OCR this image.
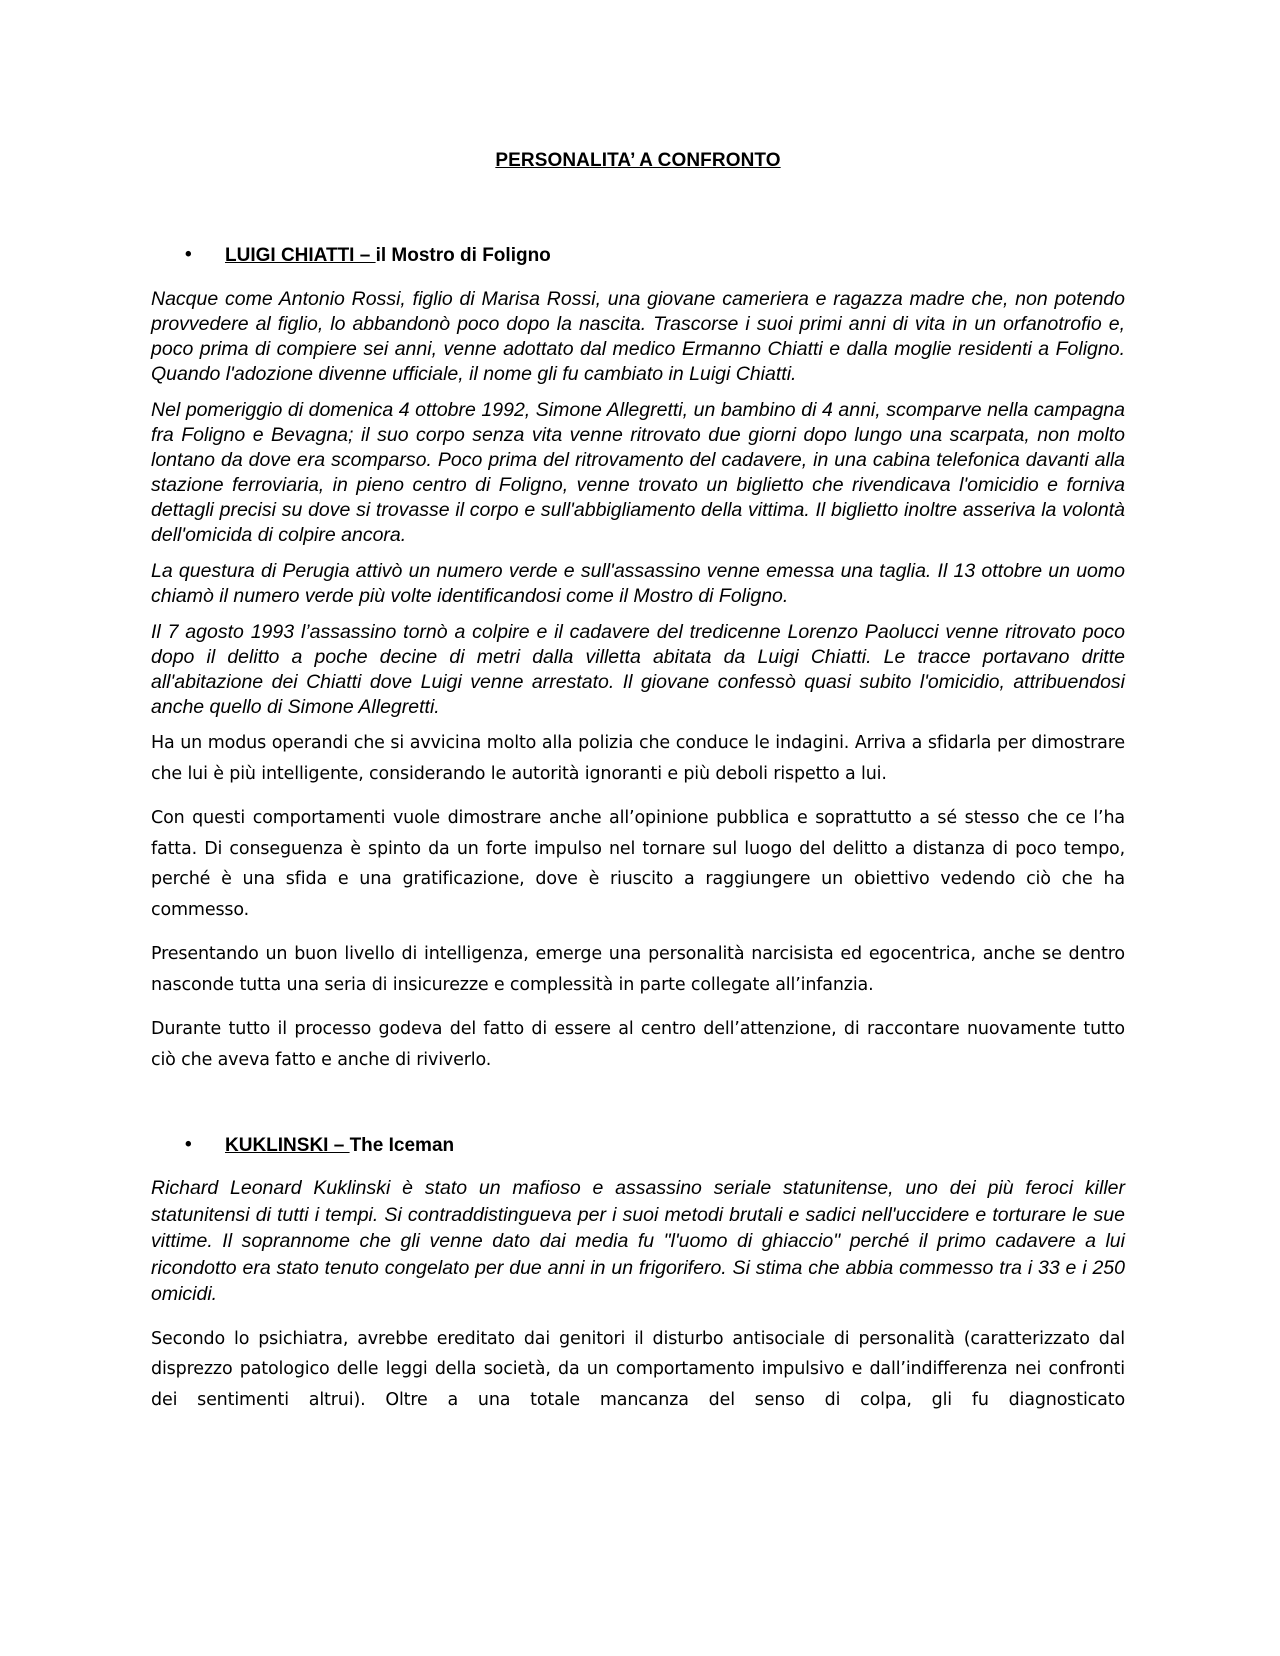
PERSONALITA’ A CONFRONTO
• LUIGI CHIATTI – il Mostro di Foligno

Nacque come Antonio Rossi, figlio di Marisa Rossi, una giovane cameriera e ragazza madre che, non potendo provvedere al figlio, lo abbandonò poco dopo la nascita. Trascorse i suoi primi anni di vita in un orfanotrofio e, poco prima di compiere sei anni, venne adottato dal medico Ermanno Chiatti e dalla moglie residenti a Foligno. Quando l'adozione divenne ufficiale, il nome gli fu cambiato in Luigi Chiatti.

Nel pomeriggio di domenica 4 ottobre 1992, Simone Allegretti, un bambino di 4 anni, scomparve nella campagna fra Foligno e Bevagna; il suo corpo senza vita venne ritrovato due giorni dopo lungo una scarpata, non molto lontano da dove era scomparso. Poco prima del ritrovamento del cadavere, in una cabina telefonica davanti alla stazione ferroviaria, in pieno centro di Foligno, venne trovato un biglietto che rivendicava l'omicidio e forniva dettagli precisi su dove si trovasse il corpo e sull'abbigliamento della vittima. Il biglietto inoltre asseriva la volontà dell'omicida di colpire ancora.

La questura di Perugia attivò un numero verde e sull'assassino venne emessa una taglia. Il 13 ottobre un uomo chiamò il numero verde più volte identificandosi come il Mostro di Foligno.

Il 7 agosto 1993 l’assassino tornò a colpire e il cadavere del tredicenne Lorenzo Paolucci venne ritrovato poco dopo il delitto a poche decine di metri dalla villetta abitata da Luigi Chiatti. Le tracce portavano dritte all'abitazione dei Chiatti dove Luigi venne arrestato. Il giovane confessò quasi subito l'omicidio, attribuendosi anche quello di Simone Allegretti.

Ha un modus operandi che si avvicina molto alla polizia che conduce le indagini. Arriva a sfidarla per dimostrare che lui è più intelligente, considerando le autorità ignoranti e più deboli rispetto a lui.

Con questi comportamenti vuole dimostrare anche all’opinione pubblica e soprattutto a sé stesso che ce l’ha fatta. Di conseguenza è spinto da un forte impulso nel tornare sul luogo del delitto a distanza di poco tempo, perché è una sfida e una gratificazione, dove è riuscito a raggiungere un obiettivo vedendo ciò che ha commesso.

Presentando un buon livello di intelligenza, emerge una personalità narcisista ed egocentrica, anche se dentro nasconde tutta una seria di insicurezze e complessità in parte collegate all’infanzia.

Durante tutto il processo godeva del fatto di essere al centro dell’attenzione, di raccontare nuovamente tutto ciò che aveva fatto e anche di riviverlo.

• KUKLINSKI – The Iceman

Richard Leonard Kuklinski è stato un mafioso e assassino seriale statunitense, uno dei più feroci killer statunitensi di tutti i tempi. Si contraddistingueva per i suoi metodi brutali e sadici nell'uccidere e torturare le sue vittime. Il soprannome che gli venne dato dai media fu "l'uomo di ghiaccio" perché il primo cadavere a lui ricondotto era stato tenuto congelato per due anni in un frigorifero. Si stima che abbia commesso tra i 33 e i 250 omicidi.

Secondo lo psichiatra, avrebbe ereditato dai genitori il disturbo antisociale di personalità (caratterizzato dal disprezzo patologico delle leggi della società, da un comportamento impulsivo e dall’indifferenza nei confronti dei sentimenti altrui). Oltre a una totale mancanza del senso di colpa, gli fu diagnosticato
